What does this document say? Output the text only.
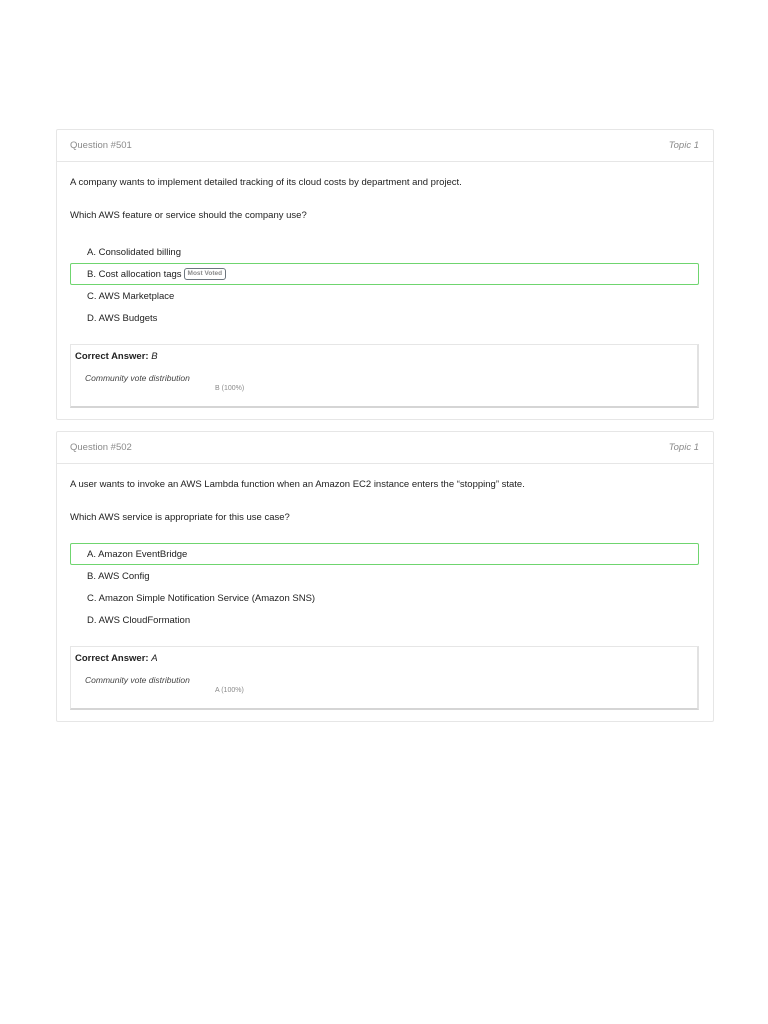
Question #501	Topic 1

A company wants to implement detailed tracking of its cloud costs by department and project.

Which AWS feature or service should the company use?

A. Consolidated billing
B. Cost allocation tags Most Voted
C. AWS Marketplace
D. AWS Budgets
Correct Answer: B
Community vote distribution
B (100%)
Question #502	Topic 1

A user wants to invoke an AWS Lambda function when an Amazon EC2 instance enters the “stopping” state.

Which AWS service is appropriate for this use case?

A. Amazon EventBridge
B. AWS Config
C. Amazon Simple Notification Service (Amazon SNS)
D. AWS CloudFormation
Correct Answer: A
Community vote distribution
A (100%)
